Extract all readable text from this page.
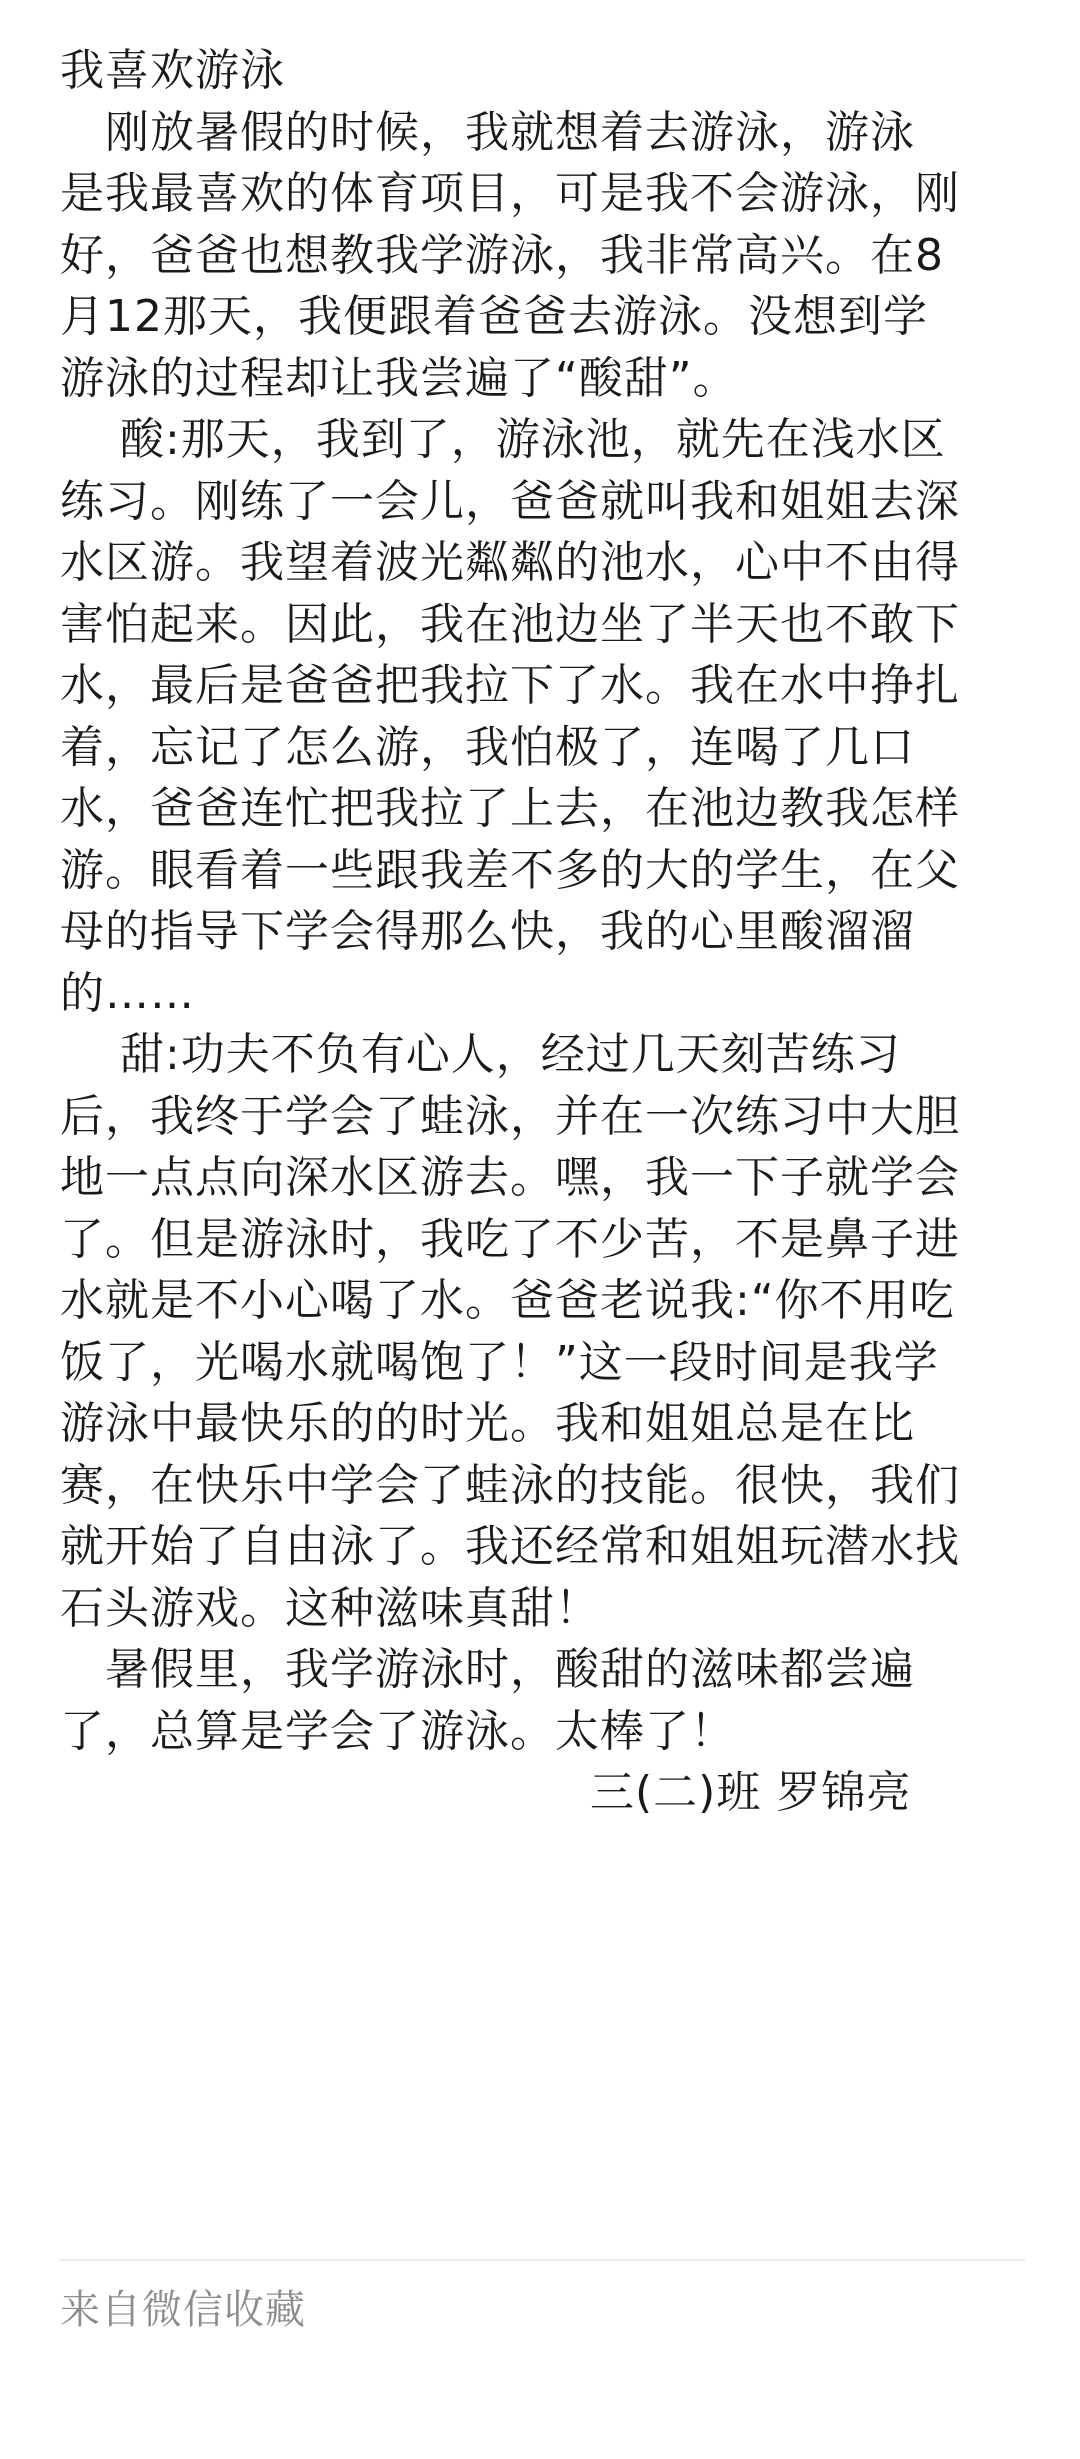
我喜欢游泳
刚放暑假的时候，我就想着去游泳，游泳
是我最喜欢的体育项目，可是我不会游泳，刚
好，爸爸也想教我学游泳，我非常高兴。在8
月12那天，我便跟着爸爸去游泳。没想到学
游泳的过程却让我尝遍了“酸甜”。
酸:那天，我到了，游泳池，就先在浅水区
练习。刚练了一会儿，爸爸就叫我和姐姐去深
水区游。我望着波光粼粼的池水，心中不由得
害怕起来。因此，我在池边坐了半天也不敢下
水，最后是爸爸把我拉下了水。我在水中挣扎
着，忘记了怎么游，我怕极了，连喝了几口
水，爸爸连忙把我拉了上去，在池边教我怎样
游。眼看着一些跟我差不多的大的学生，在父
母的指导下学会得那么快，我的心里酸溜溜
的……
甜:功夫不负有心人，经过几天刻苦练习
后，我终于学会了蛙泳，并在一次练习中大胆
地一点点向深水区游去。嘿，我一下子就学会
了。但是游泳时，我吃了不少苦，不是鼻子进
水就是不小心喝了水。爸爸老说我:“你不用吃
饭了，光喝水就喝饱了！”这一段时间是我学
游泳中最快乐的的时光。我和姐姐总是在比
赛，在快乐中学会了蛙泳的技能。很快，我们
就开始了自由泳了。我还经常和姐姐玩潜水找
石头游戏。这种滋味真甜！
暑假里，我学游泳时，酸甜的滋味都尝遍
了，总算是学会了游泳。太棒了！
三(二)班 罗锦亮
来自微信收藏
